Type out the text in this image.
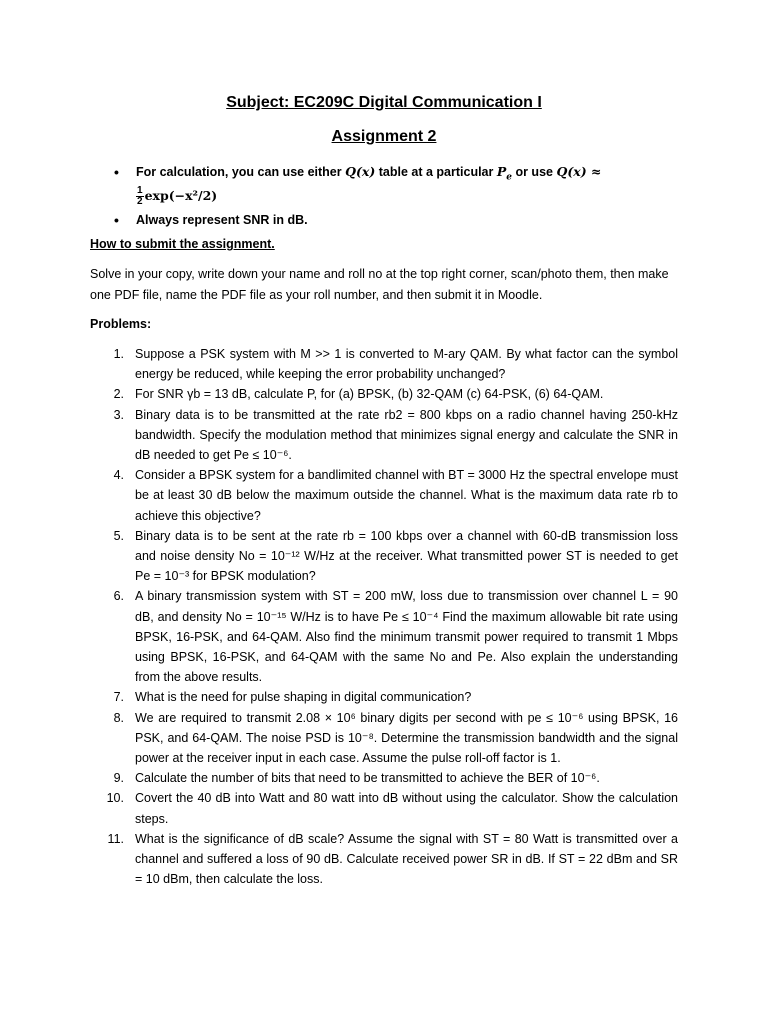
Subject: EC209C Digital Communication I
Assignment 2
• For calculation, you can use either Q(x) table at a particular $P_e$ or use Q(x) ≈

$\frac{1}{2} \exp(-x^2/2)$
• Always represent SNR in dB.

How to submit the assignment.

Solve in your copy, write down your name and roll no at the top right corner, scan/photo them, then make one PDF file, name the PDF file as your roll number, and then submit it in Moodle.

Problems:

1. Suppose a PSK system with M >> 1 is converted to M-ary QAM. By what factor can the symbol energy be reduced, while keeping the error probability unchanged?
2. For SNR γb = 13 dB, calculate P, for (a) BPSK, (b) 32-QAM (c) 64-PSK, (6) 64-QAM.
3. Binary data is to be transmitted at the rate rb2 = 800 kbps on a radio channel having 250-kHz bandwidth. Specify the modulation method that minimizes signal energy and calculate the SNR in dB needed to get Pe ≤ 10⁻⁶.
4. Consider a BPSK system for a bandlimited channel with BT = 3000 Hz the spectral envelope must be at least 30 dB below the maximum outside the channel. What is the maximum data rate rb to achieve this objective?
5. Binary data is to be sent at the rate rb = 100 kbps over a channel with 60-dB transmission loss and noise density No = 10⁻¹² W/Hz at the receiver. What transmitted power ST is needed to get Pe = 10⁻³ for BPSK modulation?
6. A binary transmission system with ST = 200 mW, loss due to transmission over channel L = 90 dB, and density No = 10⁻¹⁵ W/Hz is to have Pe ≤ 10⁻⁴ Find the maximum allowable bit rate using BPSK, 16-PSK, and 64-QAM. Also find the minimum transmit power required to transmit 1 Mbps using BPSK, 16-PSK, and 64-QAM with the same No and Pe. Also explain the understanding from the above results.
7. What is the need for pulse shaping in digital communication?
8. We are required to transmit 2.08 × 10⁶ binary digits per second with pe ≤ 10⁻⁶ using BPSK, 16 PSK, and 64-QAM. The noise PSD is 10⁻⁸. Determine the transmission bandwidth and the signal power at the receiver input in each case. Assume the pulse roll-off factor is 1.
9. Calculate the number of bits that need to be transmitted to achieve the BER of 10⁻⁶.
10. Covert the 40 dB into Watt and 80 watt into dB without using the calculator. Show the calculation steps.
11. What is the significance of dB scale? Assume the signal with ST = 80 Watt is transmitted over a channel and suffered a loss of 90 dB. Calculate received power SR in dB. If ST = 22 dBm and SR = 10 dBm, then calculate the loss.
